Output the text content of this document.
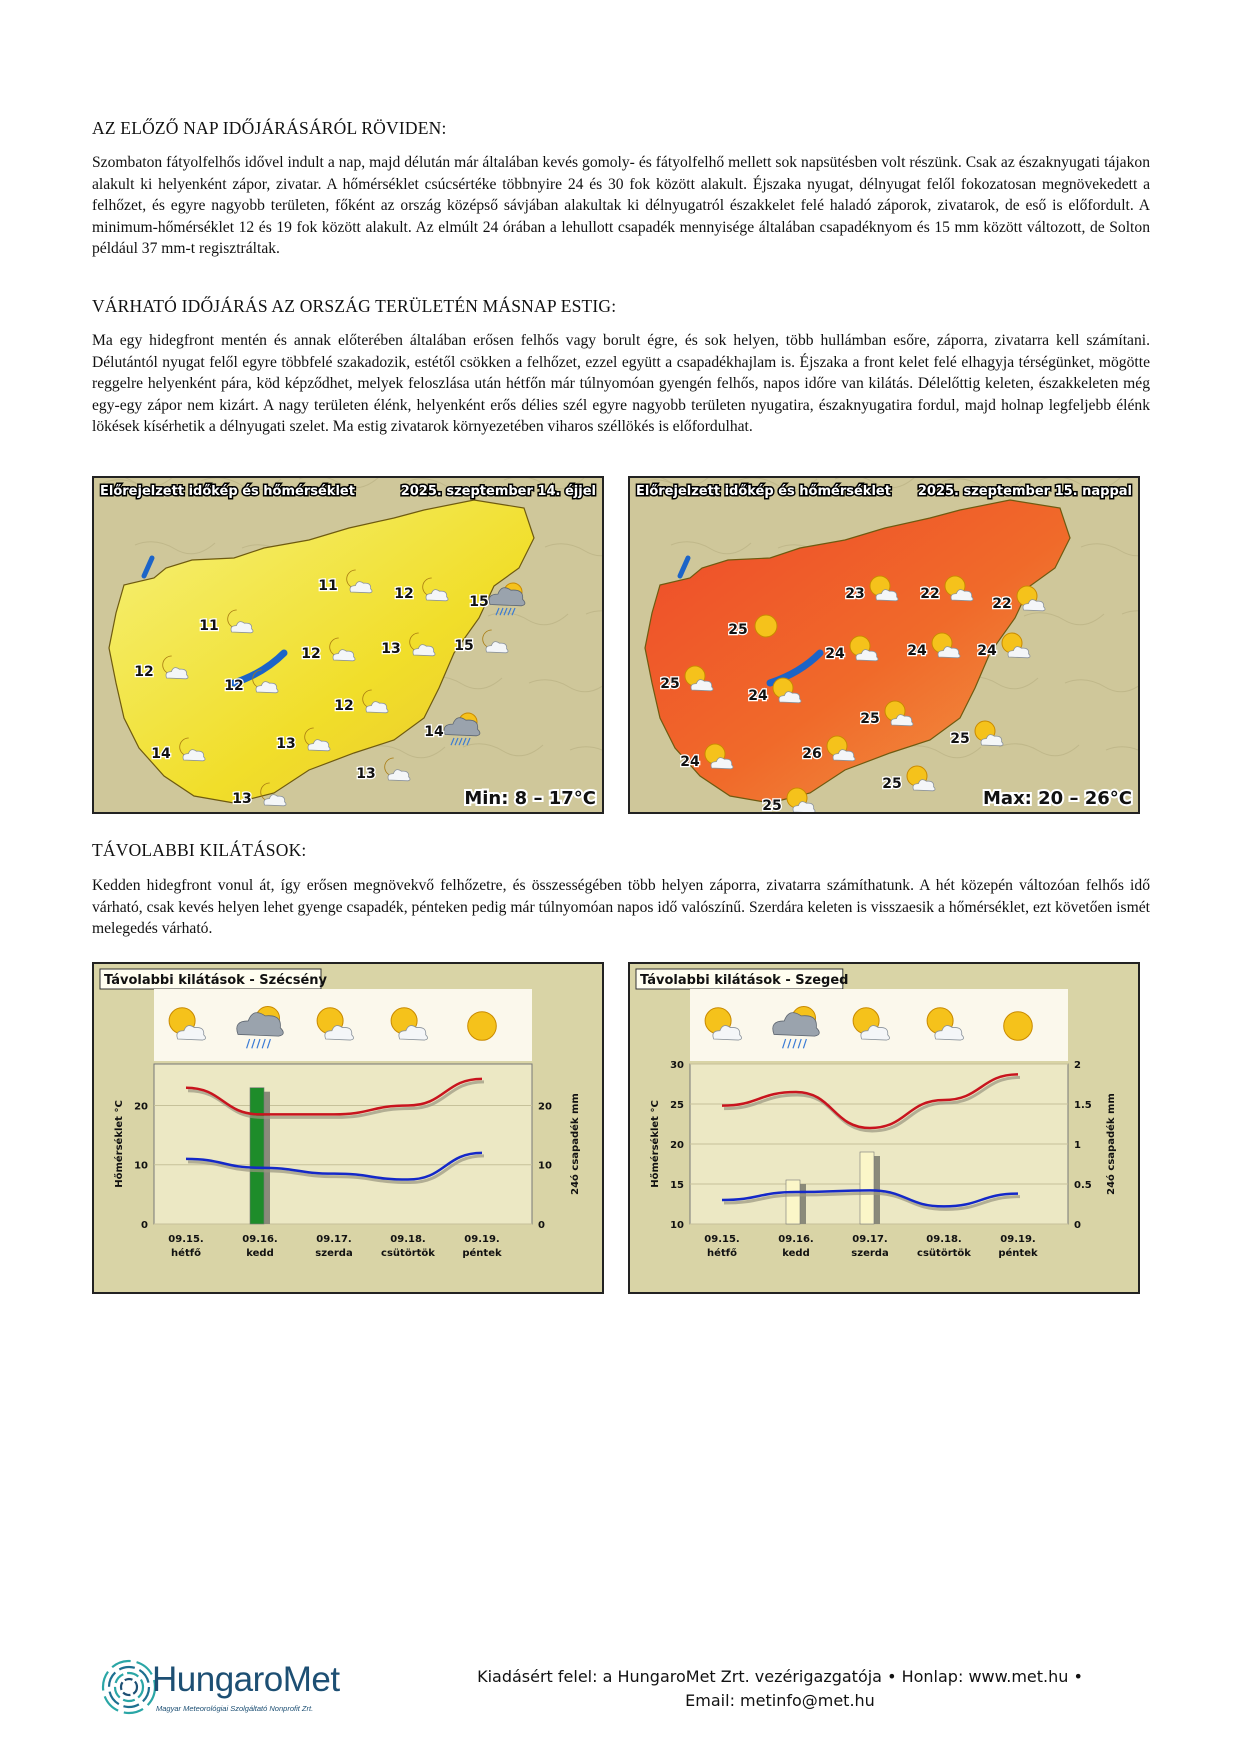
AZ ELŐZŐ NAP IDŐJÁRÁSÁRÓL RÖVIDEN:

Szombaton fátyolfelhős idővel indult a nap, majd délután már általában kevés gomoly- és fátyolfelhő mellett sok napsütésben volt részünk. Csak az északnyugati tájakon alakult ki helyenként zápor, zivatar. A hőmérséklet csúcsértéke többnyire 24 és 30 fok között alakult. Éjszaka nyugat, délnyugat felől fokozatosan megnövekedett a felhőzet, és egyre nagyobb területen, főként az ország középső sávjában alakultak ki délnyugatról északkelet felé haladó záporok, zivatarok, de eső is előfordult. A minimum-hőmérséklet 12 és 19 fok között alakult. Az elmúlt 24 órában a lehullott csapadék mennyisége általában csapadéknyom és 15 mm között változott, de Solton például 37 mm-t regisztráltak.

VÁRHATÓ IDŐJÁRÁS AZ ORSZÁG TERÜLETÉN MÁSNAP ESTIG:

Ma egy hidegfront mentén és annak előterében általában erősen felhős vagy borult égre, és sok helyen, több hullámban esőre, záporra, zivatarra kell számítani. Délutántól nyugat felől egyre többfelé szakadozik, estétől csökken a felhőzet, ezzel együtt a csapadékhajlam is. Éjszaka a front kelet felé elhagyja térségünket, mögötte reggelre helyenként pára, köd képződhet, melyek feloszlása után hétfőn már túlnyomóan gyengén felhős, napos időre van kilátás. Délelőttig keleten, északkeleten még egy-egy zápor nem kizárt. A nagy területen élénk, helyenként erős délies szél egyre nagyobb területen nyugatira, északnyugatira fordul, majd holnap legfeljebb élénk lökések kísérhetik a délnyugati szelet. Ma estig zivatarok környezetében viharos széllökés is előfordulhat.

Előrejelzett időkép és hőmérséklet	2025. szeptember 14. éjjel
11	12	15
11
13	15
12
12
12
12
14
13
14
13
13	Min: 8 – 17°C
Előrejelzett időkép és hőmérséklet 2025. szeptember 15. nappal
23	22
22
25
24	24	24
25
24
25
25
26
24
25
25	Max: 20 – 26°C
TÁVOLABBI KILÁTÁSOK:

Kedden hidegfront vonul át, így erősen megnövekvő felhőzetre, és összességében több helyen záporra, zivatarra számíthatunk. A hét közepén változóan felhős idő várható, csak kevés helyen lehet gyenge csapadék, pénteken pedig már túlnyomóan napos idő valószínű. Szerdára keleten is visszaesik a hőmérséklet, ezt követően ismét melegedés várható.

Távolabbi kilátások - Szécsény
0
10
20
0
10
20
Hőmérséklet °C	24ó csapadék mm
09.15.
hétfő
09.16.
kedd
09.17.
szerda
09.18.
csütörtök
09.19.
péntek
Távolabbi kilátások - Szeged
10
15
20
25
30
0
0.5
1
1.5
2
Hőmérséklet °C	24ó csapadék mm
09.15.
hétfő
09.16.
kedd
09.17.
szerda
09.18.
csütörtök
09.19.
péntek
HungaroMet
Magyar Meteorológiai Szolgáltató Nonprofit Zrt.
Kiadásért felel: a HungaroMet Zrt. vezérigazgatója • Honlap: www.met.hu •
Email: metinfo@met.hu
